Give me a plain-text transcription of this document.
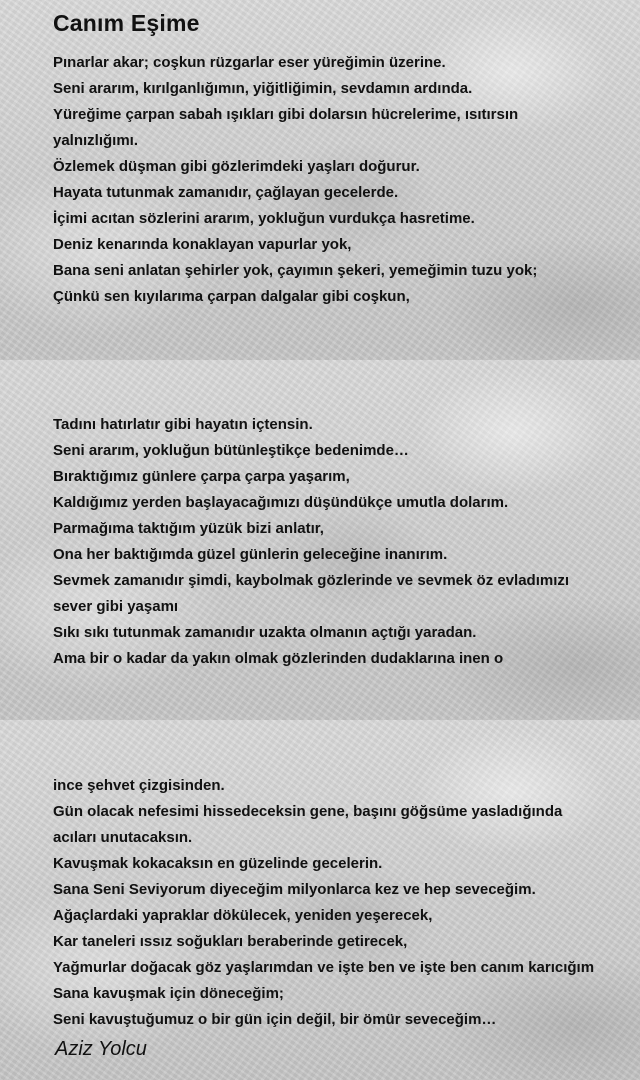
Canım Eşime
Pınarlar akar; coşkun rüzgarlar eser yüreğimin üzerine.
Seni ararım, kırılganlığımın, yiğitliğimin, sevdamın ardında.
Yüreğime çarpan sabah ışıkları gibi dolarsın hücrelerime, ısıtırsın
yalnızlığımı.
Özlemek düşman gibi gözlerimdeki yaşları doğurur.
Hayata tutunmak zamanıdır, çağlayan gecelerde.
İçimi acıtan sözlerini ararım, yokluğun vurdukça hasretime.
Deniz kenarında konaklayan vapurlar yok,
Bana seni anlatan şehirler yok, çayımın şekeri, yemeğimin tuzu yok;
Çünkü sen kıyılarıma çarpan dalgalar gibi coşkun,
Tadını hatırlatır gibi hayatın içtensin.
Seni ararım, yokluğun bütünleştikçe bedenimde…
Bıraktığımız günlere çarpa çarpa yaşarım,
Kaldığımız yerden başlayacağımızı düşündükçe umutla dolarım.
Parmağıma taktığım yüzük bizi anlatır,
Ona her baktığımda güzel günlerin geleceğine inanırım.
Sevmek zamanıdır şimdi, kaybolmak gözlerinde ve sevmek öz evladımızı
sever gibi yaşamı
Sıkı sıkı tutunmak zamanıdır uzakta olmanın açtığı yaradan.
Ama bir o kadar da yakın olmak gözlerinden dudaklarına inen o
ince şehvet çizgisinden.
Gün olacak nefesimi hissedeceksin gene, başını göğsüme yasladığında
acıları unutacaksın.
Kavuşmak kokacaksın en güzelinde gecelerin.
Sana Seni Seviyorum diyeceğim milyonlarca kez ve hep seveceğim.
Ağaçlardaki yapraklar dökülecek, yeniden yeşerecek,
Kar taneleri ıssız soğukları beraberinde getirecek,
Yağmurlar doğacak göz yaşlarımdan ve işte ben ve işte ben canım karıcığım
Sana kavuşmak için döneceğim;
Seni kavuştuğumuz o bir gün için değil, bir ömür seveceğim…
Aziz Yolcu
